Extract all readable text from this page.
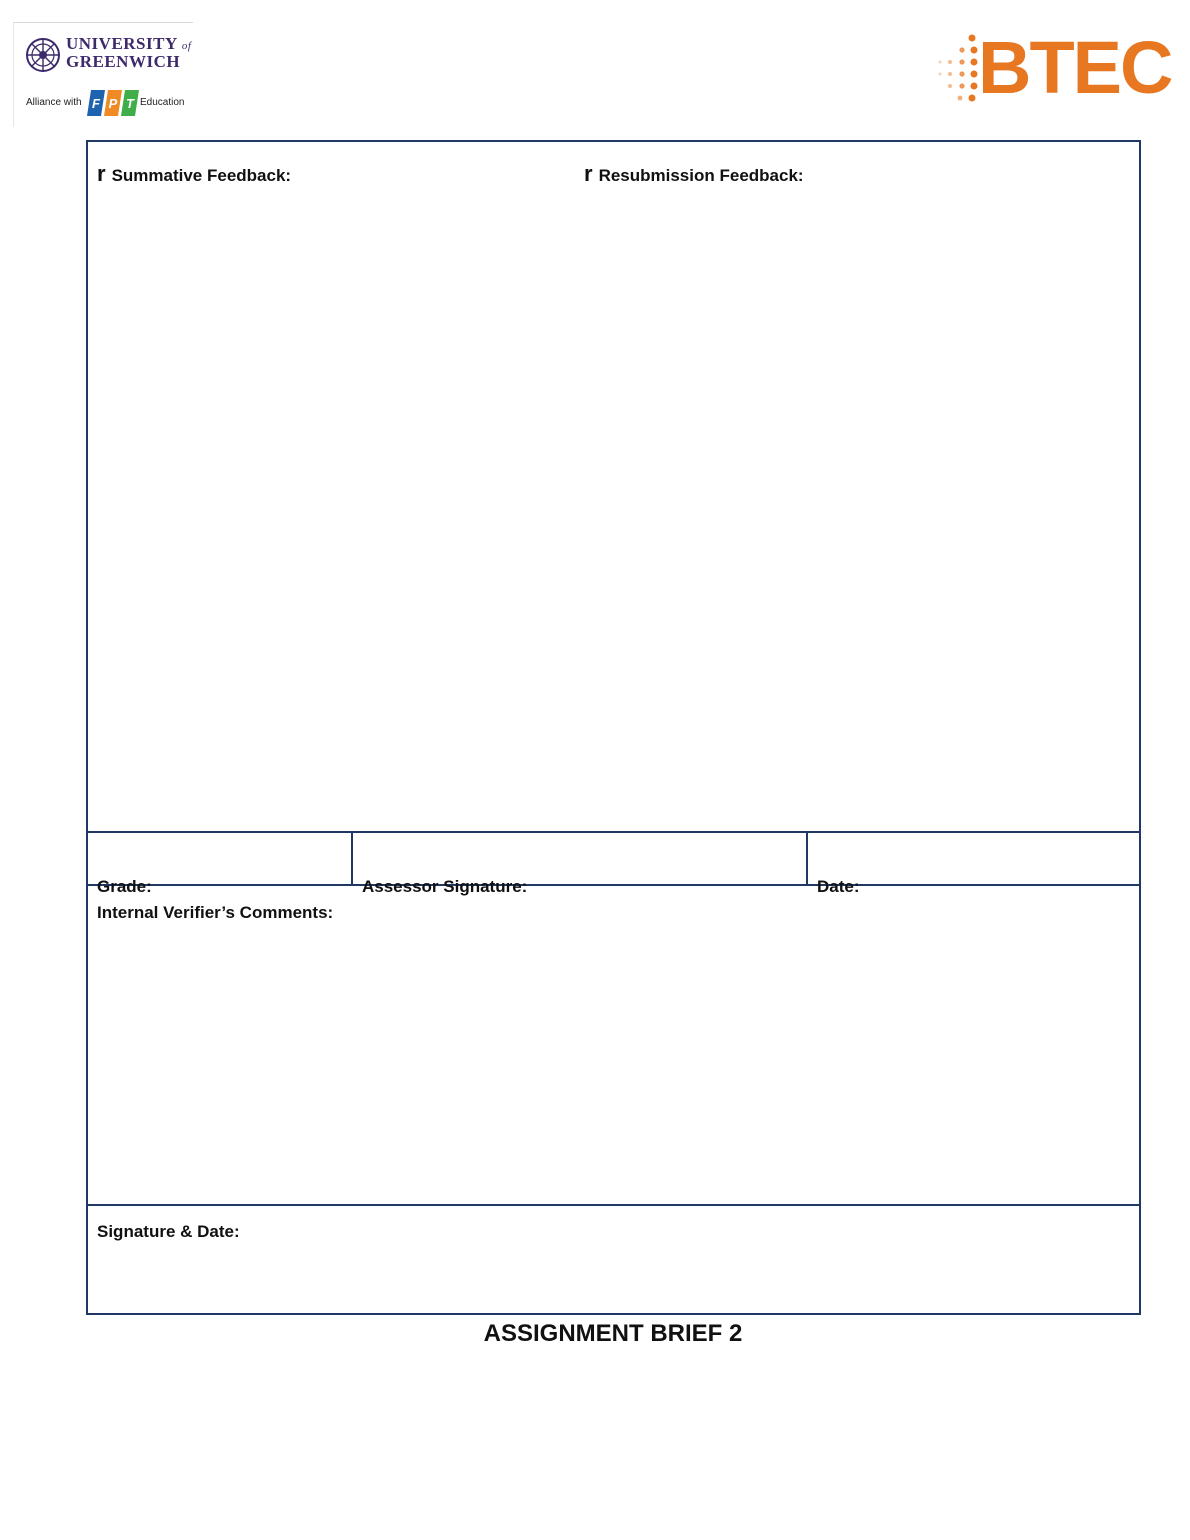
UNIVERSITY of
GREENWICH
Alliance with F P T Education	BTEC
r Summative Feedback:	r Resubmission Feedback:
Grade:	Assessor Signature:	Date:
Internal Verifier’s Comments:
Signature & Date:
ASSIGNMENT BRIEF 2
